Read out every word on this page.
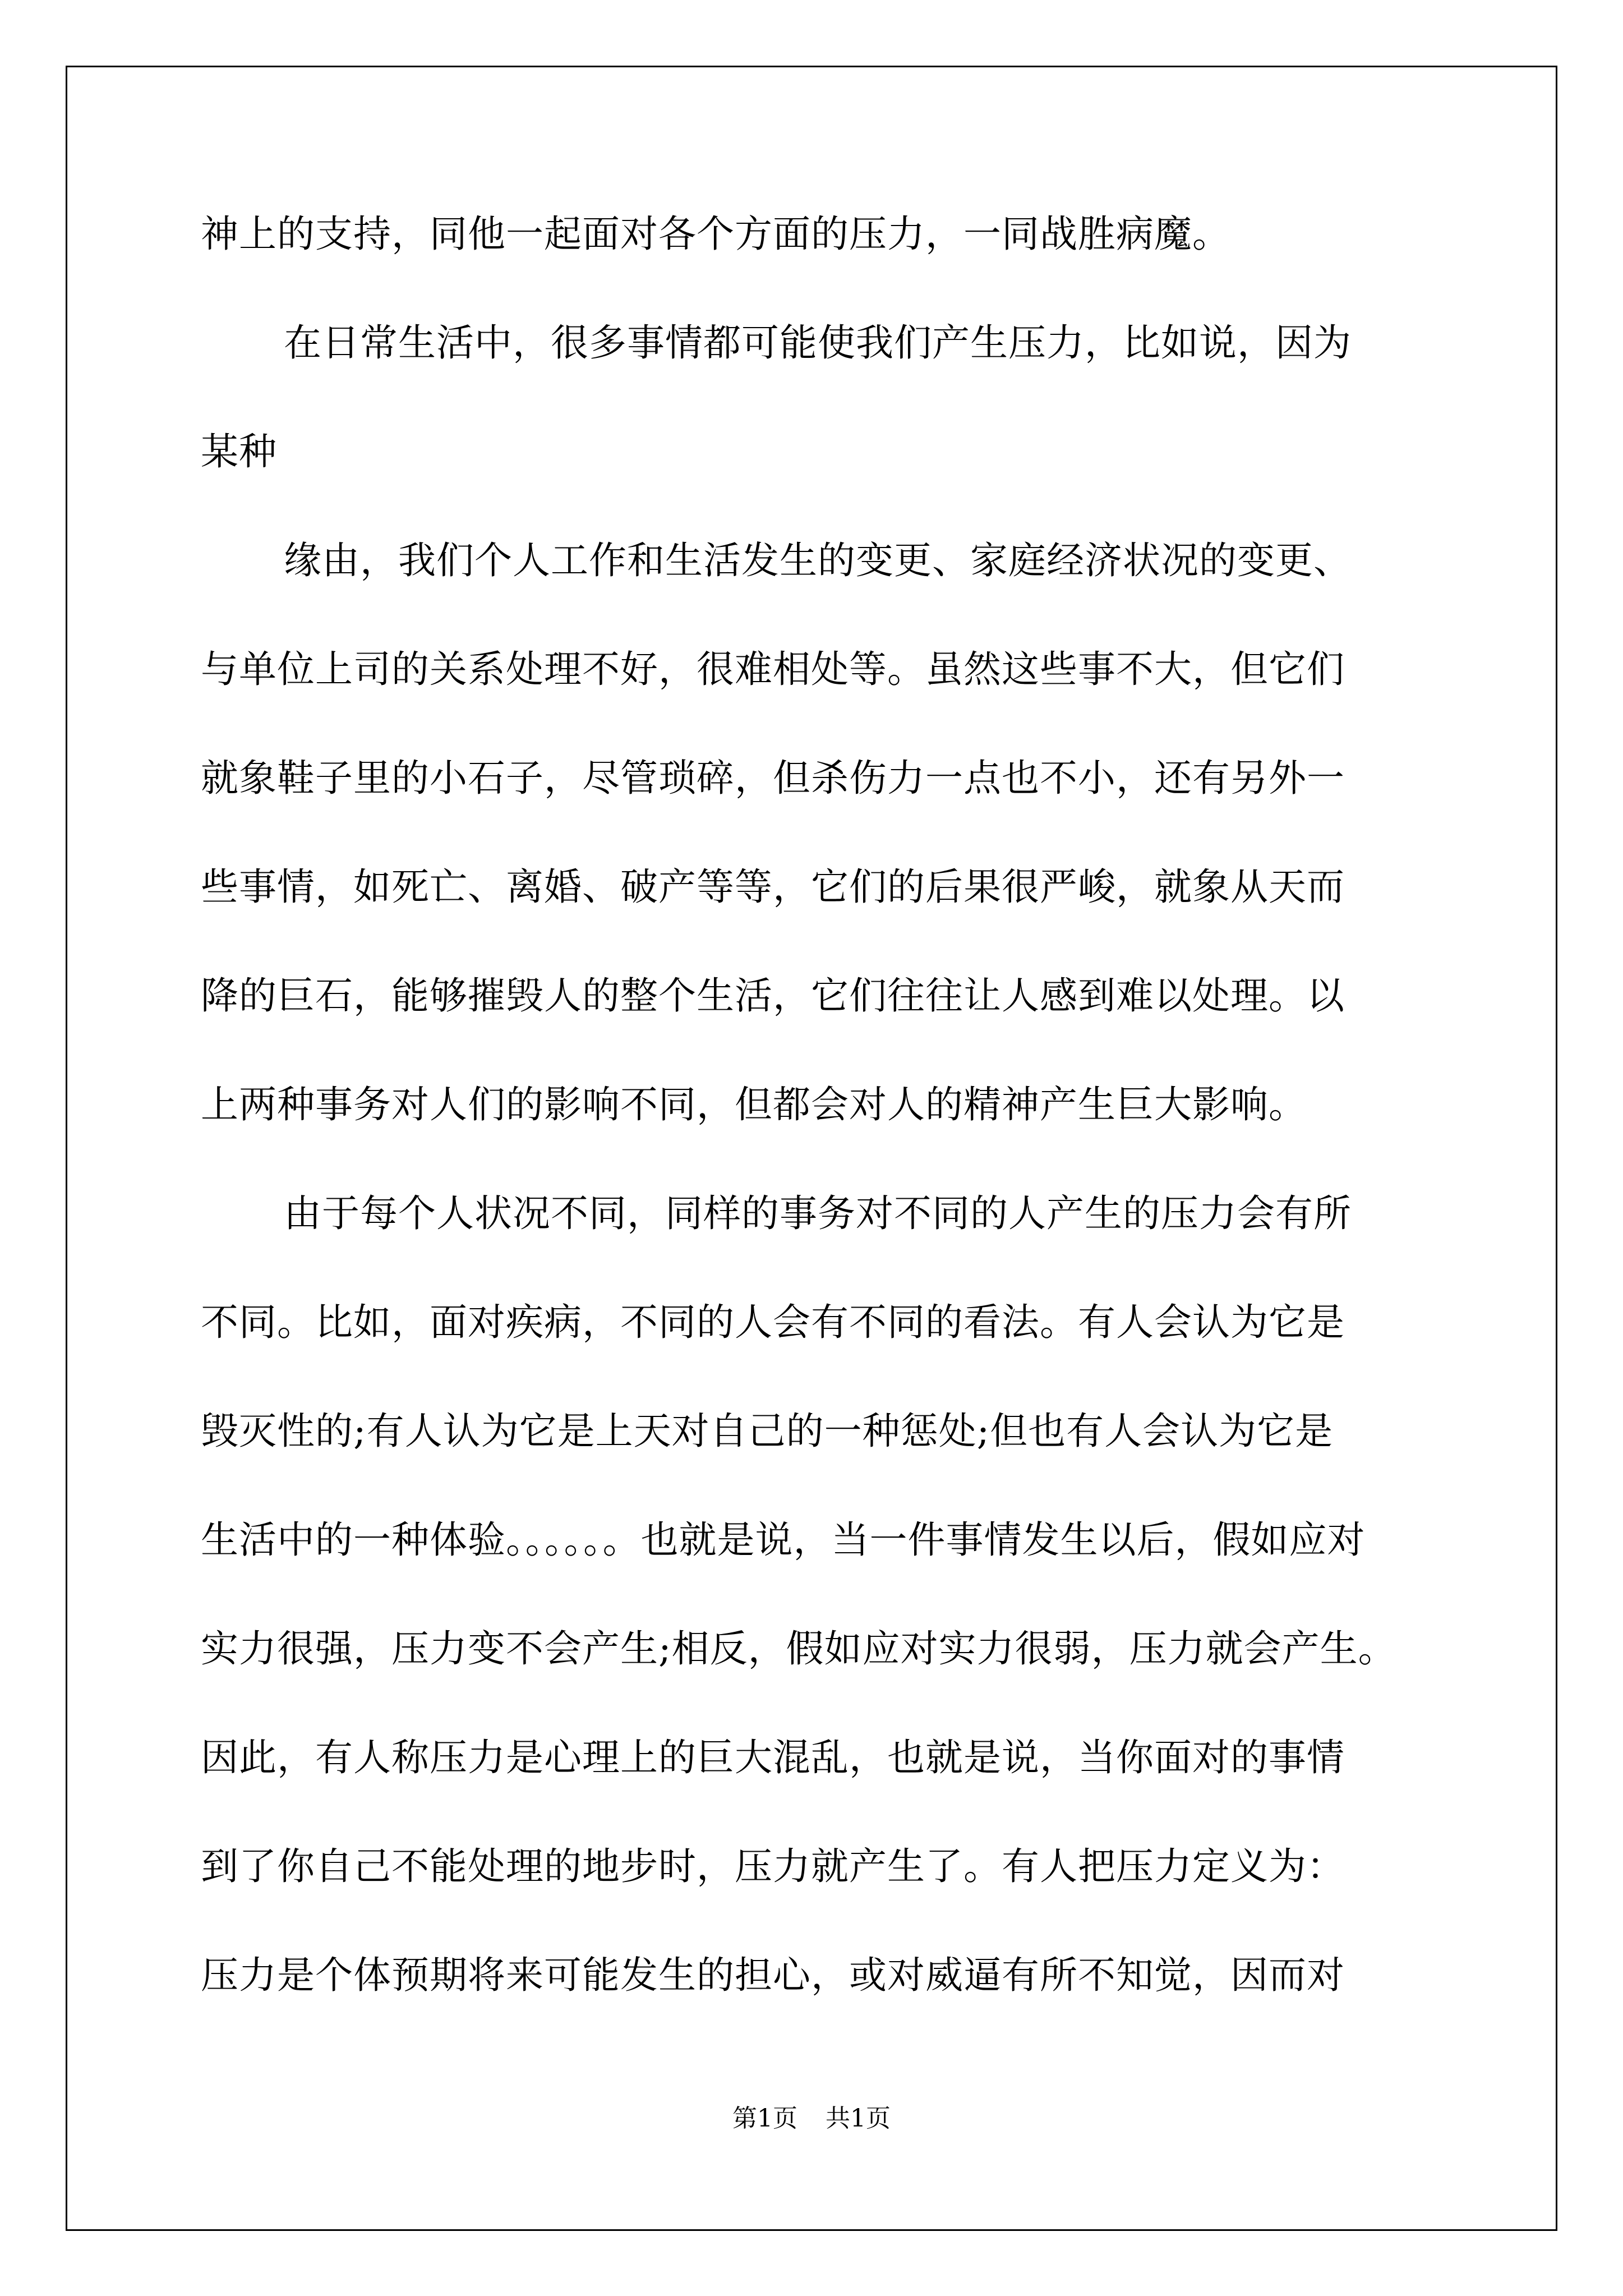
神上的支持，同他一起面对各个方面的压力，一同战胜病魔。
在日常生活中，很多事情都可能使我们产生压力，比如说，因为
某种
缘由，我们个人工作和生活发生的变更、家庭经济状况的变更、
与单位上司的关系处理不好，很难相处等。虽然这些事不大，但它们
就象鞋子里的小石子，尽管琐碎，但杀伤力一点也不小，还有另外一
些事情，如死亡、离婚、破产等等，它们的后果很严峻，就象从天而
降的巨石，能够摧毁人的整个生活，它们往往让人感到难以处理。以
上两种事务对人们的影响不同，但都会对人的精神产生巨大影响。
由于每个人状况不同，同样的事务对不同的人产生的压力会有所
不同。比如，面对疾病，不同的人会有不同的看法。有人会认为它是
毁灭性的;有人认为它是上天对自己的一种惩处;但也有人会认为它是
生活中的一种体验。。。。。。也就是说，当一件事情发生以后，假如应对
实力很强，压力变不会产生;相反，假如应对实力很弱，压力就会产生。
因此，有人称压力是心理上的巨大混乱，也就是说，当你面对的事情
到了你自己不能处理的地步时，压力就产生了。有人把压力定义为：
压力是个体预期将来可能发生的担心，或对威逼有所不知觉，因而对
第1页 共1页
